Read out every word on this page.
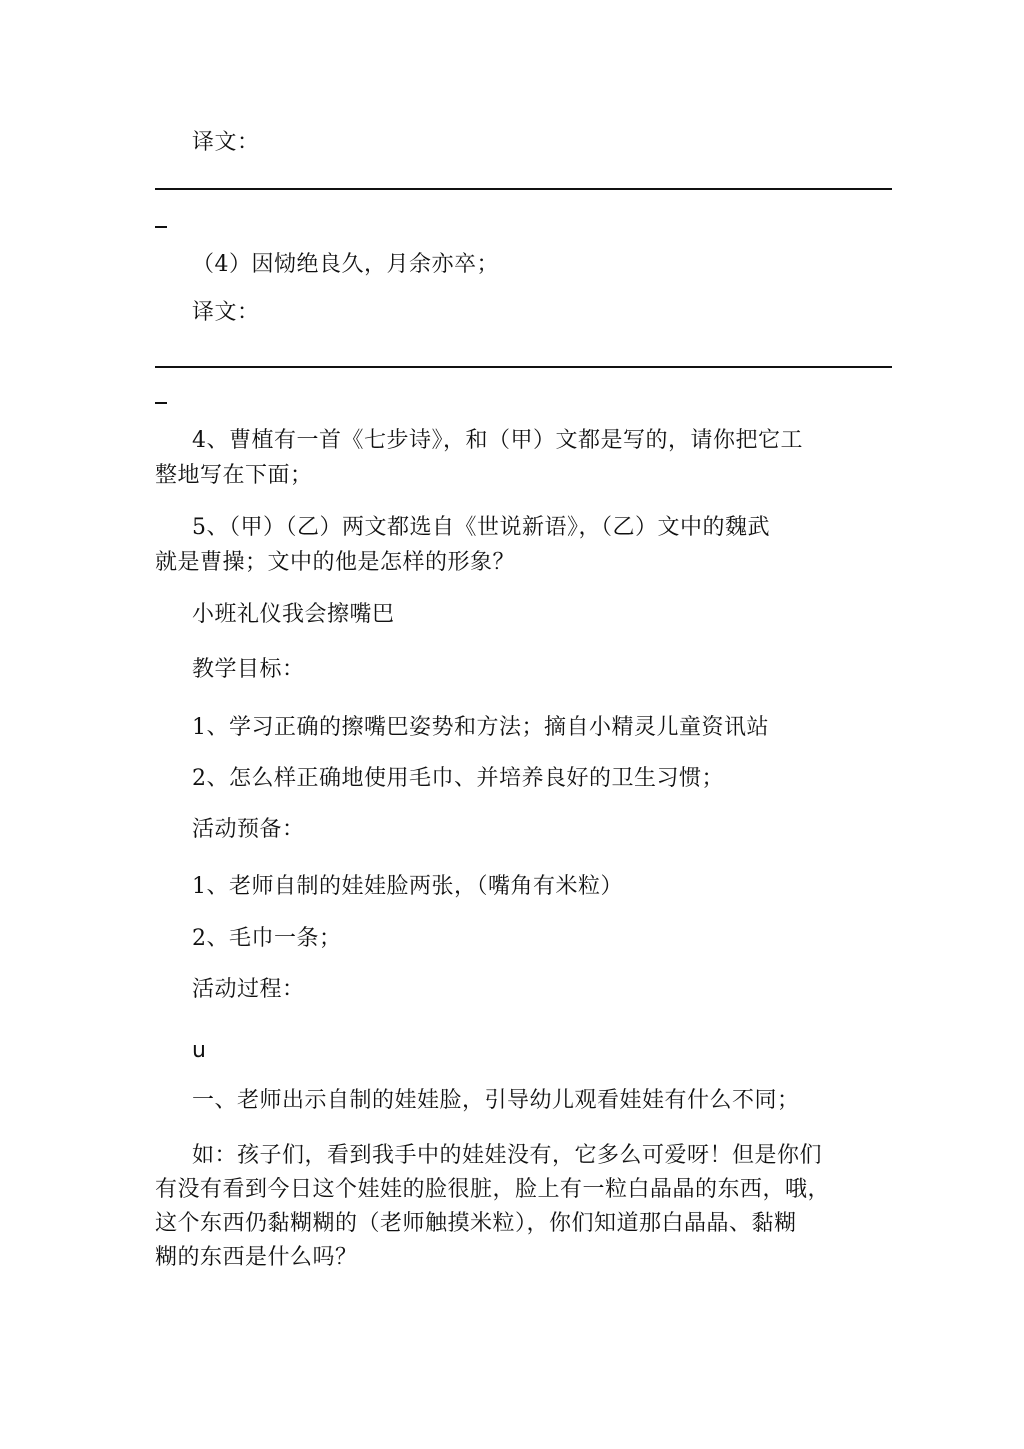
译文：
（4）因恸绝良久，月余亦卒；
译文：
4、曹植有一首《七步诗》，和（甲）文都是写的，请你把它工
整地写在下面；
5、（甲）（乙）两文都选自《世说新语》，（乙）文中的魏武
就是曹操；文中的他是怎样的形象？
小班礼仪我会擦嘴巴
教学目标：
1、学习正确的擦嘴巴姿势和方法；摘自小精灵儿童资讯站
2、怎么样正确地使用毛巾、并培养良好的卫生习惯；
活动预备：
1、老师自制的娃娃脸两张，（嘴角有米粒）
2、毛巾一条；
活动过程：
u
一、老师出示自制的娃娃脸，引导幼儿观看娃娃有什么不同；
如：孩子们，看到我手中的娃娃没有，它多么可爱呀！但是你们
有没有看到今日这个娃娃的脸很脏，脸上有一粒白晶晶的东西，哦，
这个东西仍黏糊糊的（老师触摸米粒），你们知道那白晶晶、黏糊
糊的东西是什么吗？
